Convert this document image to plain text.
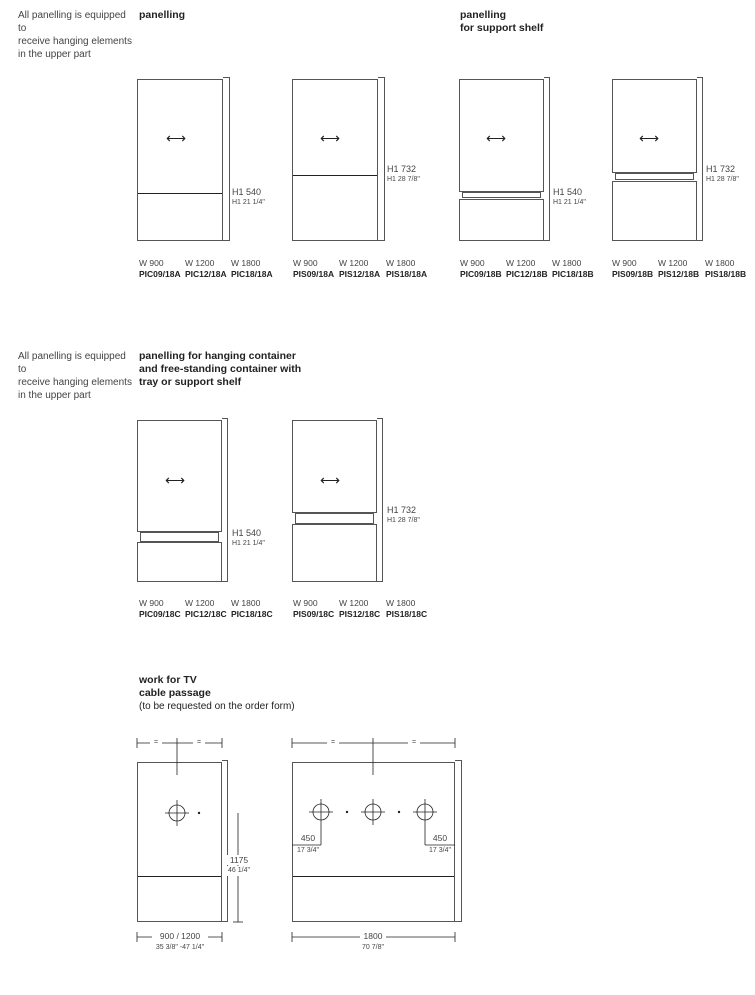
All panelling is equipped to
receive hanging elements
in the upper part
All panelling is equipped to
receive hanging elements
in the upper part
panelling
⟷
H1 540
H1 21 1/4"
W 900	W 1200 W 1800
PIC09/18A PIC12/18A PIC18/18A
⟷
H1 732
H1 28 7/8"
W 900	W 1200 W 1800
PIS09/18A PIS12/18A PIS18/18A
panelling
for support shelf
⟷
H1 540
H1 21 1/4"
W 900	W 1200 W 1800
PIC09/18B PIC12/18B PIC18/18B
⟷
H1 732
H1 28 7/8"
W 900	W 1200 W 1800
PIS09/18B PIS12/18B PIS18/18B
panelling for hanging container
and free-standing container with
tray or support shelf
⟷
H1 540
H1 21 1/4"
W 900	W 1200 W 1800
PIC09/18C PIC12/18C PIC18/18C
⟷
H1 732
H1 28 7/8"
W 900	W 1200 W 1800
PIS09/18C PIS12/18C PIS18/18C
work for TV
cable passage
(to be requested on the order form)
=	=	=	=
1175
46 1/4"
900 / 1200
35 3/8" -47 1/4"
1800
70 7/8"
450
17 3/4"
450
17 3/4"
